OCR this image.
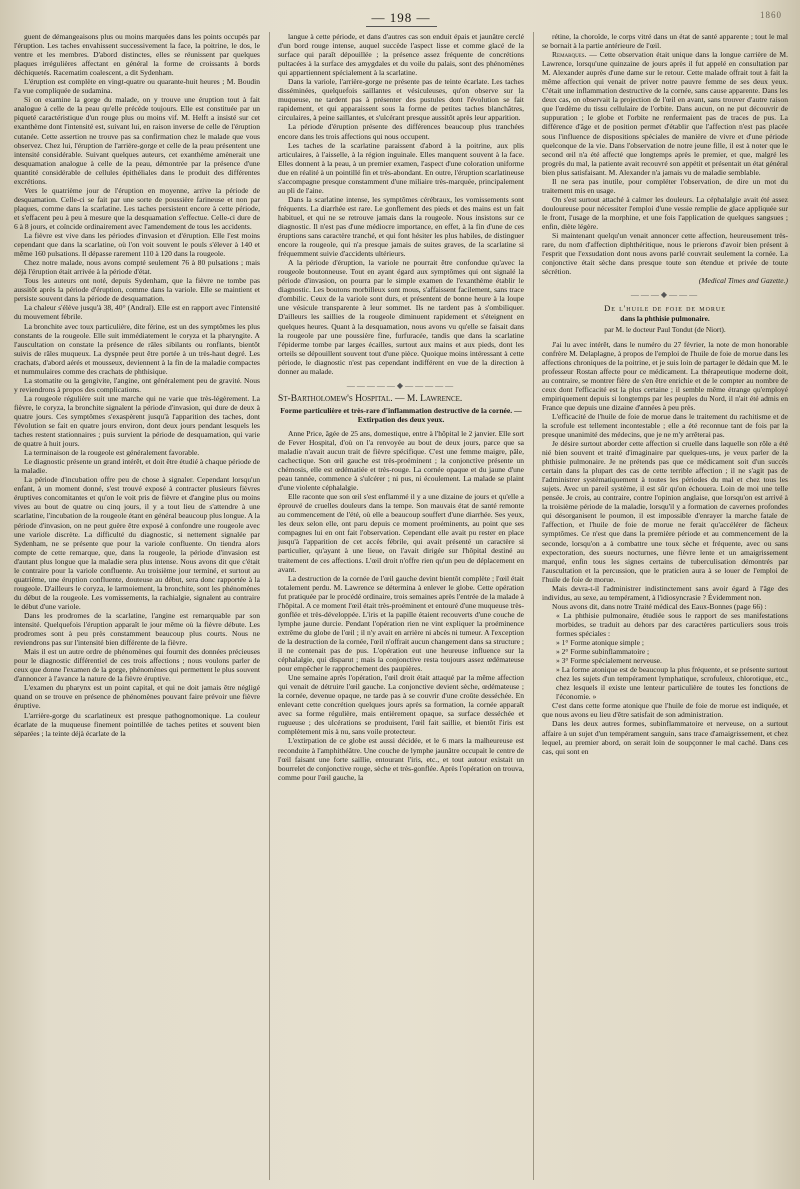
— 198 —	1860

guent de démangeaisons plus ou moins marquées dans les points occupés par l'éruption. Les taches envahissent successivement la face, la poitrine, le dos, le ventre et les membres. D'abord distinctes, elles se réunissent par quelques plaques irrégulières affectant en général la forme de croissants à bords déchiquetés. Racematim coalescent, a dit Sydenham.

L'éruption est complète en vingt-quatre ou quarante-huit heures ; M. Boudin l'a vue compliquée de sudamina.

Si on examine la gorge du malade, on y trouve une éruption tout à fait analogue à celle de la peau qu'elle précède toujours. Elle est constituée par un piqueté caractéristique d'un rouge plus ou moins vif. M. Helft a insisté sur cet exanthème dont l'intensité est, suivant lui, en raison inverse de celle de l'éruption cutanée. Cette assertion ne trouve pas sa confirmation chez le malade que vous observez. Chez lui, l'éruption de l'arrière-gorge et celle de la peau présentent une intensité considérable. Suivant quelques auteurs, cet exanthème amènerait une desquamation analogue à celle de la peau, démontrée par la présence d'une quantité considérable de cellules épithéliales dans le produit des différentes excrétions.

Vers le quatrième jour de l'éruption en moyenne, arrive la période de desquamation. Celle-ci se fait par une sorte de poussière farineuse et non par plaques, comme dans la scarlatine. Les taches persistent encore à cette période, et s'effacent peu à peu à mesure que la desquamation s'effectue. Celle-ci dure de 6 à 8 jours, et coïncide ordinairement avec l'amendement de tous les accidents.

La fièvre est vive dans les périodes d'invasion et d'éruption. Elle l'est moins cependant que dans la scarlatine, où l'on voit souvent le pouls s'élever à 140 et même 160 pulsations. Il dépasse rarement 110 à 120 dans la rougeole.

Chez notre malade, nous avons compté seulement 76 à 80 pulsations ; mais déjà l'éruption était arrivée à la période d'état.

Tous les auteurs ont noté, depuis Sydenham, que la fièvre ne tombe pas aussitôt après la période d'éruption, comme dans la variole. Elle se maintient et persiste souvent dans la période de desquamation.

La chaleur s'élève jusqu'à 38, 40° (Andral). Elle est en rapport avec l'intensité du mouvement fébrile.

La bronchite avec toux particulière, dite férine, est un des symptômes les plus constants de la rougeole. Elle suit immédiatement le coryza et la pharyngite. A l'auscultation on constate la présence de râles sibilants ou ronflants, bientôt suivis de râles muqueux. La dyspnée peut être portée à un très-haut degré. Les crachats, d'abord aérés et mousseux, deviennent à la fin de la maladie compactes et nummulaires comme des crachats de phthisique.

La stomatite ou la gengivite, l'angine, ont généralement peu de gravité. Nous y reviendrons à propos des complications.

La rougeole régulière suit une marche qui ne varie que très-légèrement. La fièvre, le coryza, la bronchite signalent la période d'invasion, qui dure de deux à quatre jours. Ces symptômes s'exaspèrent jusqu'à l'apparition des taches, dont l'évolution se fait en quatre jours environ, dont deux jours pendant lesquels les taches restent stationnaires ; puis survient la période de desquamation, qui varie de quatre à huit jours.

La terminaison de la rougeole est généralement favorable.

Le diagnostic présente un grand intérêt, et doit être étudié à chaque période de la maladie.

La période d'incubation offre peu de chose à signaler. Cependant lorsqu'un enfant, à un moment donné, s'est trouvé exposé à contracter plusieurs fièvres éruptives concomitantes et qu'on le voit pris de fièvre et d'angine plus ou moins vives au bout de quatre ou cinq jours, il y a tout lieu de s'attendre à une scarlatine, l'incubation de la rougeole étant en général beaucoup plus longue. A la période d'invasion, on ne peut guère être exposé à confondre une rougeole avec une variole discrète. La difficulté du diagnostic, si nettement signalée par Sydenham, ne se présente que pour la variole confluente. On tiendra alors compte de cette remarque, que, dans la rougeole, la période d'invasion est d'autant plus longue que la maladie sera plus intense. Nous avons dit que c'était le contraire pour la variole confluente. Au troisième jour terminé, et surtout au quatrième, une éruption confluente, douteuse au début, sera donc rapportée à la rougeole. D'ailleurs le coryza, le larmoiement, la bronchite, sont les phénomènes du début de la rougeole. Les vomissements, la rachialgie, signalent au contraire le début d'une variole.

Dans les prodromes de la scarlatine, l'angine est remarquable par son intensité. Quelquefois l'éruption apparaît le jour même où la fièvre débute. Les prodromes sont à peu près constamment beaucoup plus courts. Nous ne reviendrons pas sur l'intensité bien différente de la fièvre.

Mais il est un autre ordre de phénomènes qui fournit des données précieuses pour le diagnostic différentiel de ces trois affections ; nous voulons parler de ceux que donne l'examen de la gorge, phénomènes qui permettent le plus souvent d'annoncer à l'avance la nature de la fièvre éruptive.

L'examen du pharynx est un point capital, et qui ne doit jamais être négligé quand on se trouve en présence de phénomènes pouvant faire prévoir une fièvre éruptive.

L'arrière-gorge du scarlatineux est presque pathognomonique. La couleur écarlate de la muqueuse finement pointillée de taches petites et souvent bien séparées ; la teinte déjà écarlate de la

langue à cette période, et dans d'autres cas son enduit épais et jaunâtre cerclé d'un bord rouge intense, auquel succède l'aspect lisse et comme glacé de la surface qui paraît dépouillée ; la présence assez fréquente de concrétions pultacées à la surface des amygdales et du voile du palais, sont des phénomènes qui appartiennent spécialement à la scarlatine.

Dans la variole, l'arrière-gorge ne présente pas de teinte écarlate. Les taches disséminées, quelquefois saillantes et vésiculeuses, qu'on observe sur la muqueuse, ne tardent pas à présenter des pustules dont l'évolution se fait rapidement, et qui apparaissent sous la forme de petites taches blanchâtres, circulaires, à peine saillantes, et s'ulcérant presque aussitôt après leur apparition.

La période d'éruption présente des différences beaucoup plus tranchées encore dans les trois affections qui nous occupent.

Les taches de la scarlatine paraissent d'abord à la poitrine, aux plis articulaires, à l'aisselle, à la région inguinale. Elles manquent souvent à la face. Elles donnent à la peau, à un premier examen, l'aspect d'une coloration uniforme due en réalité à un pointillé fin et très-abondant. En outre, l'éruption scarlatineuse s'accompagne presque constamment d'une miliaire très-marquée, principalement au pli de l'aine.

Dans la scarlatine intense, les symptômes cérébraux, les vomissements sont fréquents. La diarrhée est rare. Le gonflement des pieds et des mains est un fait habituel, et qui ne se retrouve jamais dans la rougeole. Nous insistons sur ce diagnostic. Il n'est pas d'une médiocre importance, en effet, à la fin d'une de ces éruptions sans caractère tranché, et qui font hésiter les plus habiles, de distinguer encore la rougeole, qui n'a presque jamais de suites graves, de la scarlatine si fréquemment suivie d'accidents ultérieurs.

A la période d'éruption, la variole ne pourrait être confondue qu'avec la rougeole boutonneuse. Tout en ayant égard aux symptômes qui ont signalé la période d'invasion, on pourra par le simple examen de l'exanthème établir le diagnostic. Les boutons morbilleux sont mous, s'affaissent facilement, sans trace d'ombilic. Ceux de la variole sont durs, et présentent de bonne heure à la loupe une vésicule transparente à leur sommet. Ils ne tardent pas à s'ombiliquer. D'ailleurs les saillies de la rougeole diminuent rapidement et s'éteignent en quelques heures. Quant à la desquamation, nous avons vu qu'elle se faisait dans la rougeole par une poussière fine, furfuracée, tandis que dans la scarlatine l'épiderme tombe par larges écailles, surtout aux mains et aux pieds, dont les orteils se dépouillent souvent tout d'une pièce. Quoique moins intéressant à cette période, le diagnostic n'est pas cependant indifférent en vue de la direction à donner au malade.

—————◆—————
St-Bartholomew's Hospital. — M. Lawrence.
Forme particulière et très-rare d'inflammation destructive de la cornée. — Extirpation des deux yeux.

Anne Price, âgée de 25 ans, domestique, entre à l'hôpital le 2 janvier. Elle sort de Fever Hospital, d'où on l'a renvoyée au bout de deux jours, parce que sa maladie n'avait aucun trait de fièvre spécifique. C'est une femme maigre, pâle, cachectique. Son œil gauche est très-proéminent ; la conjonctive présente un chémosis, elle est œdématiée et très-rouge. La cornée opaque et du jaune d'une peau tannée, commence à s'ulcérer ; ni pus, ni écoulement. La malade se plaint d'une violente céphalalgie.

Elle raconte que son œil s'est enflammé il y a une dizaine de jours et qu'elle a éprouvé de cruelles douleurs dans la tempe. Son mauvais état de santé remonte au commencement de l'été, où elle a beaucoup souffert d'une diarrhée. Ses yeux, les deux selon elle, ont paru depuis ce moment proéminents, au point que ses compagnes lui en ont fait l'observation. Cependant elle avait pu rester en place jusqu'à l'apparition de cet accès fébrile, qui avait présenté un caractère si particulier, qu'ayant à une lieue, on l'avait dirigée sur l'hôpital destiné au traitement de ces affections. L'œil droit n'offre rien qu'un peu de déplacement en avant.

La destruction de la cornée de l'œil gauche devint bientôt complète ; l'œil était totalement perdu. M. Lawrence se détermina à enlever le globe. Cette opération fut pratiquée par le procédé ordinaire, trois semaines après l'entrée de la malade à l'hôpital. A ce moment l'œil était très-proéminent et entouré d'une muqueuse très-gonflée et très-développée. L'iris et la papille étaient recouverts d'une couche de lymphe jaune durcie. Pendant l'opération rien ne vint expliquer la proéminence extrême du globe de l'œil ; il n'y avait en arrière ni abcès ni tumeur. A l'exception de la destruction de la cornée, l'œil n'offrait aucun changement dans sa structure ; il ne contenait pas de pus. L'opération eut une heureuse influence sur la céphalalgie, qui disparut ; mais la conjonctive resta toujours assez œdémateuse pour empêcher le rapprochement des paupières.

Une semaine après l'opération, l'œil droit était attaqué par la même affection qui venait de détruire l'œil gauche. La conjonctive devient sèche, œdémateuse ; la cornée, devenue opaque, ne tarde pas à se couvrir d'une croûte desséchée. En enlevant cette concrétion quelques jours après sa formation, la cornée apparaît avec sa forme régulière, mais entièrement opaque, sa surface desséchée et rugueuse ; des ulcérations se produisent, l'œil fait saillie, et bientôt l'iris est complètement mis à nu, sans voile protecteur.

L'extirpation de ce globe est aussi décidée, et le 6 mars la malheureuse est reconduite à l'amphithéâtre. Une couche de lymphe jaunâtre occupait le centre de l'œil faisant une forte saillie, entourant l'iris, etc., et tout autour existait un bourrelet de conjonctive rouge, sèche et très-gonflée. Après l'opération on trouva, comme pour l'œil gauche, la

rétine, la choroïde, le corps vitré dans un état de santé apparente ; tout le mal se bornait à la partie antérieure de l'œil.

Remarques. — Cette observation était unique dans la longue carrière de M. Lawrence, lorsqu'une quinzaine de jours après il fut appelé en consultation par M. Alexander auprès d'une dame sur le retour. Cette malade offrait tout à fait la même affection qui venait de priver notre pauvre femme de ses deux yeux. C'était une inflammation destructive de la cornée, sans cause apparente. Dans les deux cas, on observait la projection de l'œil en avant, sans trouver d'autre raison que l'œdème du tissu cellulaire de l'orbite. Dans aucun, on ne put découvrir de suppuration ; le globe et l'orbite ne renfermaient pas de traces de pus. La différence d'âge et de position permet d'établir que l'affection n'est pas placée sous l'influence de dispositions spéciales de manière de vivre et d'une période quelconque de la vie. Dans l'observation de notre jeune fille, il est à noter que le second œil n'a été affecté que longtemps après le premier, et que, malgré les progrès du mal, la patiente avait recouvré son appétit et présentait un état général bien plus satisfaisant. M. Alexander n'a jamais vu de maladie semblable.

Il ne sera pas inutile, pour compléter l'observation, de dire un mot du traitement mis en usage.

On s'est surtout attaché à calmer les douleurs. La céphalalgie avait été assez douloureuse pour nécessiter l'emploi d'une vessie remplie de glace appliquée sur le front, l'usage de la morphine, et une fois l'application de quelques sangsues ; enfin, diète légère.

Si maintenant quelqu'un venait annoncer cette affection, heureusement très-rare, du nom d'affection diphthéritique, nous le prierons d'avoir bien présent à l'esprit que l'exsudation dont nous avons parlé couvrait seulement la cornée. La conjonctive était sèche dans presque toute son étendue et privée de toute sécrétion.

(Medical Times and Gazette.)
———◆———
De l'huile de foie de morue
dans la phthisie pulmonaire.
par M. le docteur Paul Tondut (de Niort).

J'ai lu avec intérêt, dans le numéro du 27 février, la note de mon honorable confrère M. Delaplagne, à propos de l'emploi de l'huile de foie de morue dans les affections chroniques de la poitrine, et je suis loin de partager le dédain que M. le professeur Rostan affecte pour ce médicament. La thérapeutique moderne doit, au contraire, se montrer fière de s'en être enrichie et de le compter au nombre de ceux dont l'efficacité est la plus certaine ; il semble même étrange qu'employé empiriquement depuis si longtemps par les peuples du Nord, il n'ait été admis en France que depuis une dizaine d'années à peu près.

L'efficacité de l'huile de foie de morue dans le traitement du rachitisme et de la scrofule est tellement incontestable ; elle a été reconnue tant de fois par la presque unanimité des médecins, que je ne m'y arrêterai pas.

Je désire surtout aborder cette affection si cruelle dans laquelle son rôle a été nié bien souvent et traité d'imaginaire par quelques-uns, je veux parler de la phthisie pulmonaire. Je ne prétends pas que ce médicament soit d'un succès certain dans la plupart des cas de cette terrible affection ; il ne s'agit pas de l'administrer systématiquement à toutes les périodes du mal et chez tous les sujets. Avec un pareil système, il est sûr qu'on échouera. Loin de moi une telle pensée. Je crois, au contraire, contre l'opinion anglaise, que lorsqu'on est arrivé à la troisième période de la maladie, lorsqu'il y a formation de cavernes profondes qui désorganisent le poumon, il est impossible d'enrayer la marche fatale de l'affection, et l'huile de foie de morue ne ferait qu'accélérer de fâcheux symptômes. Ce n'est que dans la première période et au commencement de la seconde, lorsqu'on a à combattre une toux sèche et fréquente, avec ou sans expectoration, des sueurs nocturnes, une fièvre lente et un amaigrissement marqué, enfin tous les signes certains de tuberculisation démontrés par l'auscultation et la percussion, que le praticien aura à se louer de l'emploi de l'huile de foie de morue.

Mais devra-t-il l'administrer indistinctement sans avoir égard à l'âge des individus, au sexe, au tempérament, à l'idiosyncrasie ? Évidemment non.

Nous avons dit, dans notre Traité médical des Eaux-Bonnes (page 66) :

« La phthisie pulmonaire, étudiée sous le rapport de ses manifestations morbides, se traduit au dehors par des caractères particuliers sous trois formes spéciales :

» 1° Forme atonique simple ;

» 2° Forme subinflammatoire ;

» 3° Forme spécialement nerveuse.

» La forme atonique est de beaucoup la plus fréquente, et se présente surtout chez les sujets d'un tempérament lymphatique, scrofuleux, chlorotique, etc., chez lesquels il existe une lenteur particulière de toutes les fonctions de l'économie. »

C'est dans cette forme atonique que l'huile de foie de morue est indiquée, et que nous avons eu lieu d'être satisfait de son administration.

Dans les deux autres formes, subinflammatoire et nerveuse, on a surtout affaire à un sujet d'un tempérament sanguin, sans trace d'amaigrissement, et chez lequel, au premier abord, on serait loin de soupçonner le mal caché. Dans ces cas, qui sont en
